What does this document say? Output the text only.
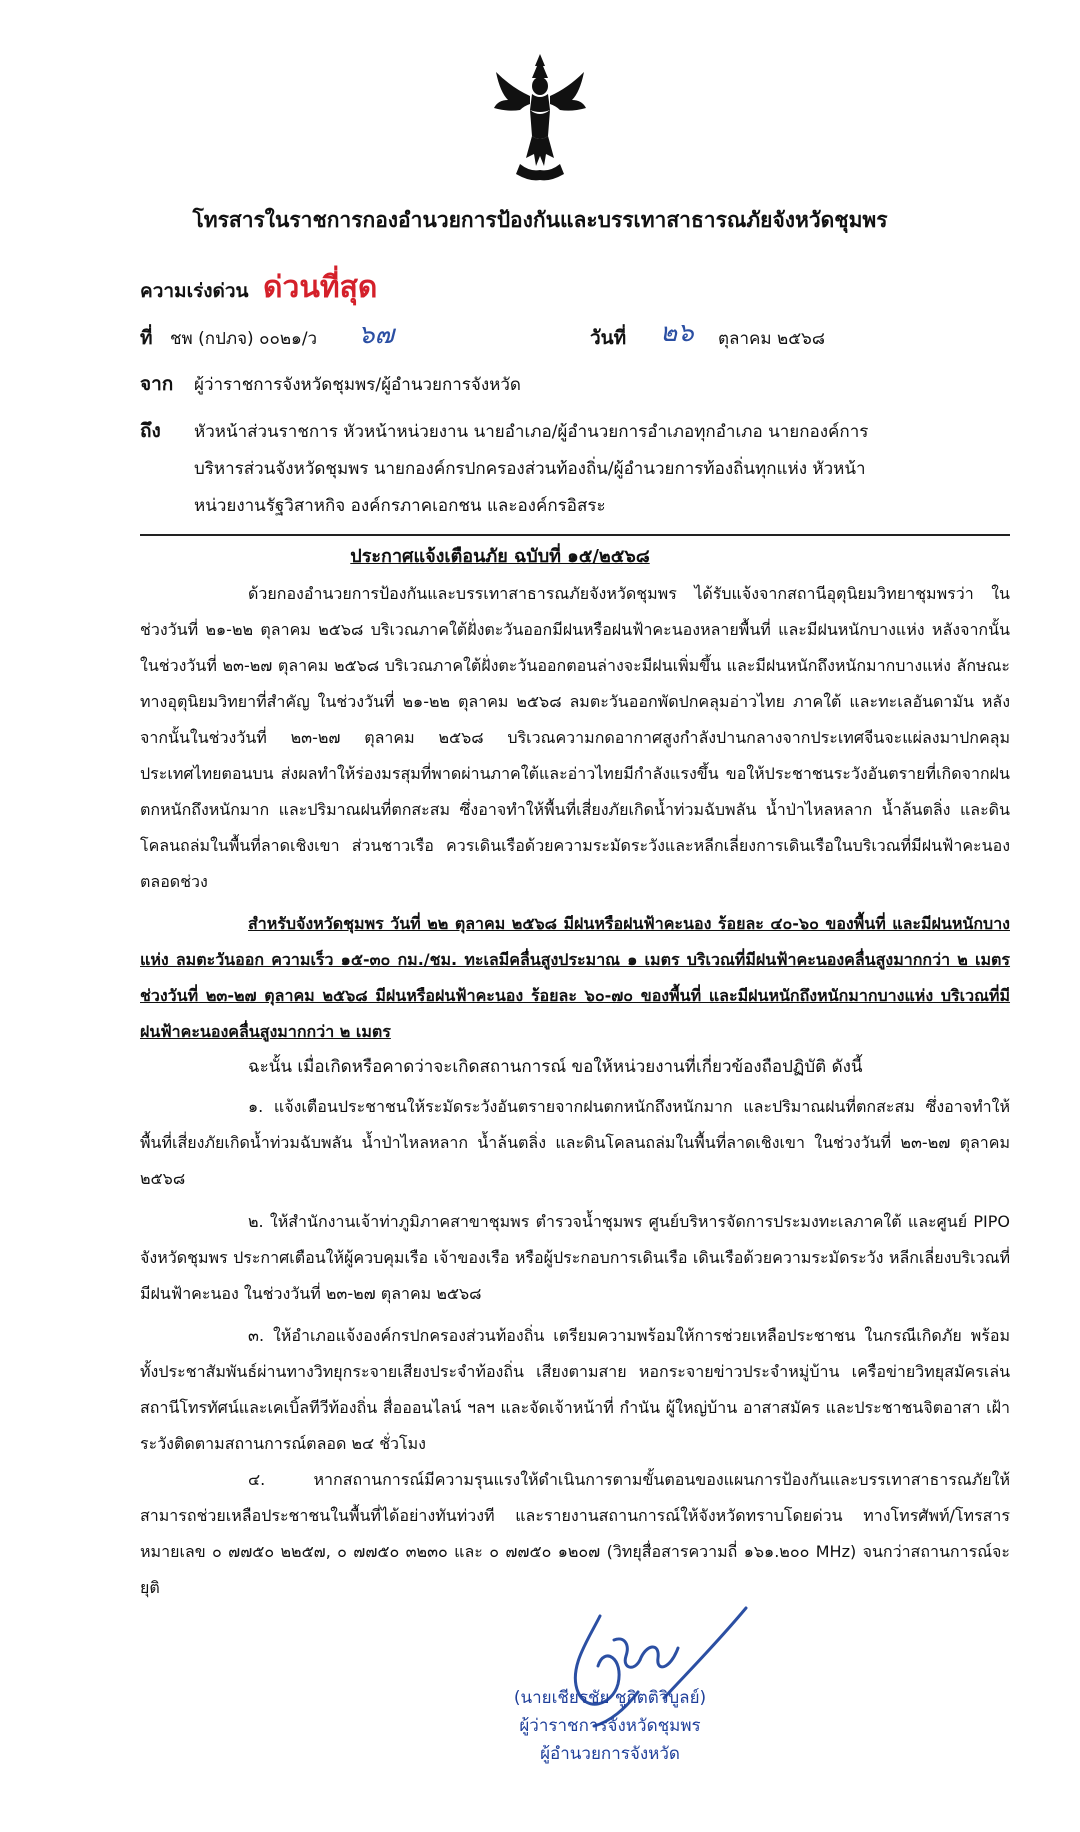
โทรสารในราชการกองอำนวยการป้องกันและบรรเทาสาธารณภัยจังหวัดชุมพร
ความเร่งด่วน ด่วนที่สุด
ที่ ชพ (กปภจ) ๐๐๒๑/ว ๖๗	วันที่ ๒๖ ตุลาคม ๒๕๖๘
จาก ผู้ว่าราชการจังหวัดชุมพร/ผู้อำนวยการจังหวัด
ถึง หัวหน้าส่วนราชการ หัวหน้าหน่วยงาน นายอำเภอ/ผู้อำนวยการอำเภอทุกอำเภอ นายกองค์การ
บริหารส่วนจังหวัดชุมพร นายกองค์กรปกครองส่วนท้องถิ่น/ผู้อำนวยการท้องถิ่นทุกแห่ง หัวหน้า
หน่วยงานรัฐวิสาหกิจ องค์กรภาคเอกชน และองค์กรอิสระ
ประกาศแจ้งเตือนภัย ฉบับที่ ๑๕/๒๕๖๘
ด้วยกองอำนวยการป้องกันและบรรเทาสาธารณภัยจังหวัดชุมพร ได้รับแจ้งจากสถานีอุตุนิยมวิทยาชุมพรว่า ในช่วงวันที่ ๒๑-๒๒ ตุลาคม ๒๕๖๘ บริเวณภาคใต้ฝั่งตะวันออกมีฝนหรือฝนฟ้าคะนองหลายพื้นที่ และมีฝนหนักบางแห่ง หลังจากนั้นในช่วงวันที่ ๒๓-๒๗ ตุลาคม ๒๕๖๘ บริเวณภาคใต้ฝั่งตะวันออกตอนล่างจะมีฝนเพิ่มขึ้น และมีฝนหนักถึงหนักมากบางแห่ง ลักษณะทางอุตุนิยมวิทยาที่สำคัญ ในช่วงวันที่ ๒๑-๒๒ ตุลาคม ๒๕๖๘ ลมตะวันออกพัดปกคลุมอ่าวไทย ภาคใต้ และทะเลอันดามัน หลังจากนั้นในช่วงวันที่ ๒๓-๒๗ ตุลาคม ๒๕๖๘ บริเวณความกดอากาศสูงกำลังปานกลางจากประเทศจีนจะแผ่ลงมาปกคลุมประเทศไทยตอนบน ส่งผลทำให้ร่องมรสุมที่พาดผ่านภาคใต้และอ่าวไทยมีกำลังแรงขึ้น ขอให้ประชาชนระวังอันตรายที่เกิดจากฝนตกหนักถึงหนักมาก และปริมาณฝนที่ตกสะสม ซึ่งอาจทำให้พื้นที่เสี่ยงภัยเกิดน้ำท่วมฉับพลัน น้ำป่าไหลหลาก น้ำล้นตลิ่ง และดินโคลนถล่มในพื้นที่ลาดเชิงเขา ส่วนชาวเรือ ควรเดินเรือด้วยความระมัดระวังและหลีกเลี่ยงการเดินเรือในบริเวณที่มีฝนฟ้าคะนองตลอดช่วง
สำหรับจังหวัดชุมพร วันที่ ๒๒ ตุลาคม ๒๕๖๘ มีฝนหรือฝนฟ้าคะนอง ร้อยละ ๔๐-๖๐ ของพื้นที่ และมีฝนหนักบางแห่ง ลมตะวันออก ความเร็ว ๑๕-๓๐ กม./ชม. ทะเลมีคลื่นสูงประมาณ ๑ เมตร บริเวณที่มีฝนฟ้าคะนองคลื่นสูงมากกว่า ๒ เมตร ช่วงวันที่ ๒๓-๒๗ ตุลาคม ๒๕๖๘ มีฝนหรือฝนฟ้าคะนอง ร้อยละ ๖๐-๗๐ ของพื้นที่ และมีฝนหนักถึงหนักมากบางแห่ง บริเวณที่มีฝนฟ้าคะนองคลื่นสูงมากกว่า ๒ เมตร
ฉะนั้น เมื่อเกิดหรือคาดว่าจะเกิดสถานการณ์ ขอให้หน่วยงานที่เกี่ยวข้องถือปฏิบัติ ดังนี้
๑. แจ้งเตือนประชาชนให้ระมัดระวังอันตรายจากฝนตกหนักถึงหนักมาก และปริมาณฝนที่ตกสะสม ซึ่งอาจทำให้พื้นที่เสี่ยงภัยเกิดน้ำท่วมฉับพลัน น้ำป่าไหลหลาก น้ำล้นตลิ่ง และดินโคลนถล่มในพื้นที่ลาดเชิงเขา ในช่วงวันที่ ๒๓-๒๗ ตุลาคม ๒๕๖๘
๒. ให้สำนักงานเจ้าท่าภูมิภาคสาขาชุมพร ตำรวจน้ำชุมพร ศูนย์บริหารจัดการประมงทะเลภาคใต้ และศูนย์ PIPO จังหวัดชุมพร ประกาศเตือนให้ผู้ควบคุมเรือ เจ้าของเรือ หรือผู้ประกอบการเดินเรือ เดินเรือด้วยความระมัดระวัง หลีกเลี่ยงบริเวณที่มีฝนฟ้าคะนอง ในช่วงวันที่ ๒๓-๒๗ ตุลาคม ๒๕๖๘
๓. ให้อำเภอแจ้งองค์กรปกครองส่วนท้องถิ่น เตรียมความพร้อมให้การช่วยเหลือประชาชน ในกรณีเกิดภัย พร้อมทั้งประชาสัมพันธ์ผ่านทางวิทยุกระจายเสียงประจำท้องถิ่น เสียงตามสาย หอกระจายข่าวประจำหมู่บ้าน เครือข่ายวิทยุสมัครเล่น สถานีโทรทัศน์และเคเบิ้ลทีวีท้องถิ่น สื่อออนไลน์ ฯลฯ และจัดเจ้าหน้าที่ กำนัน ผู้ใหญ่บ้าน อาสาสมัคร และประชาชนจิตอาสา เฝ้าระวังติดตามสถานการณ์ตลอด ๒๔ ชั่วโมง
๔. หากสถานการณ์มีความรุนแรงให้ดำเนินการตามขั้นตอนของแผนการป้องกันและบรรเทาสาธารณภัยให้สามารถช่วยเหลือประชาชนในพื้นที่ได้อย่างทันท่วงที และรายงานสถานการณ์ให้จังหวัดทราบโดยด่วน ทางโทรศัพท์/โทรสาร หมายเลข ๐ ๗๗๕๐ ๒๒๕๗, ๐ ๗๗๕๐ ๓๒๓๐ และ ๐ ๗๗๕๐ ๑๒๐๗ (วิทยุสื่อสารความถี่ ๑๖๑.๒๐๐ MHz) จนกว่าสถานการณ์จะยุติ
(นายเชียรชัย ชูกิตติวิบูลย์)
ผู้ว่าราชการจังหวัดชุมพร
ผู้อำนวยการจังหวัด
